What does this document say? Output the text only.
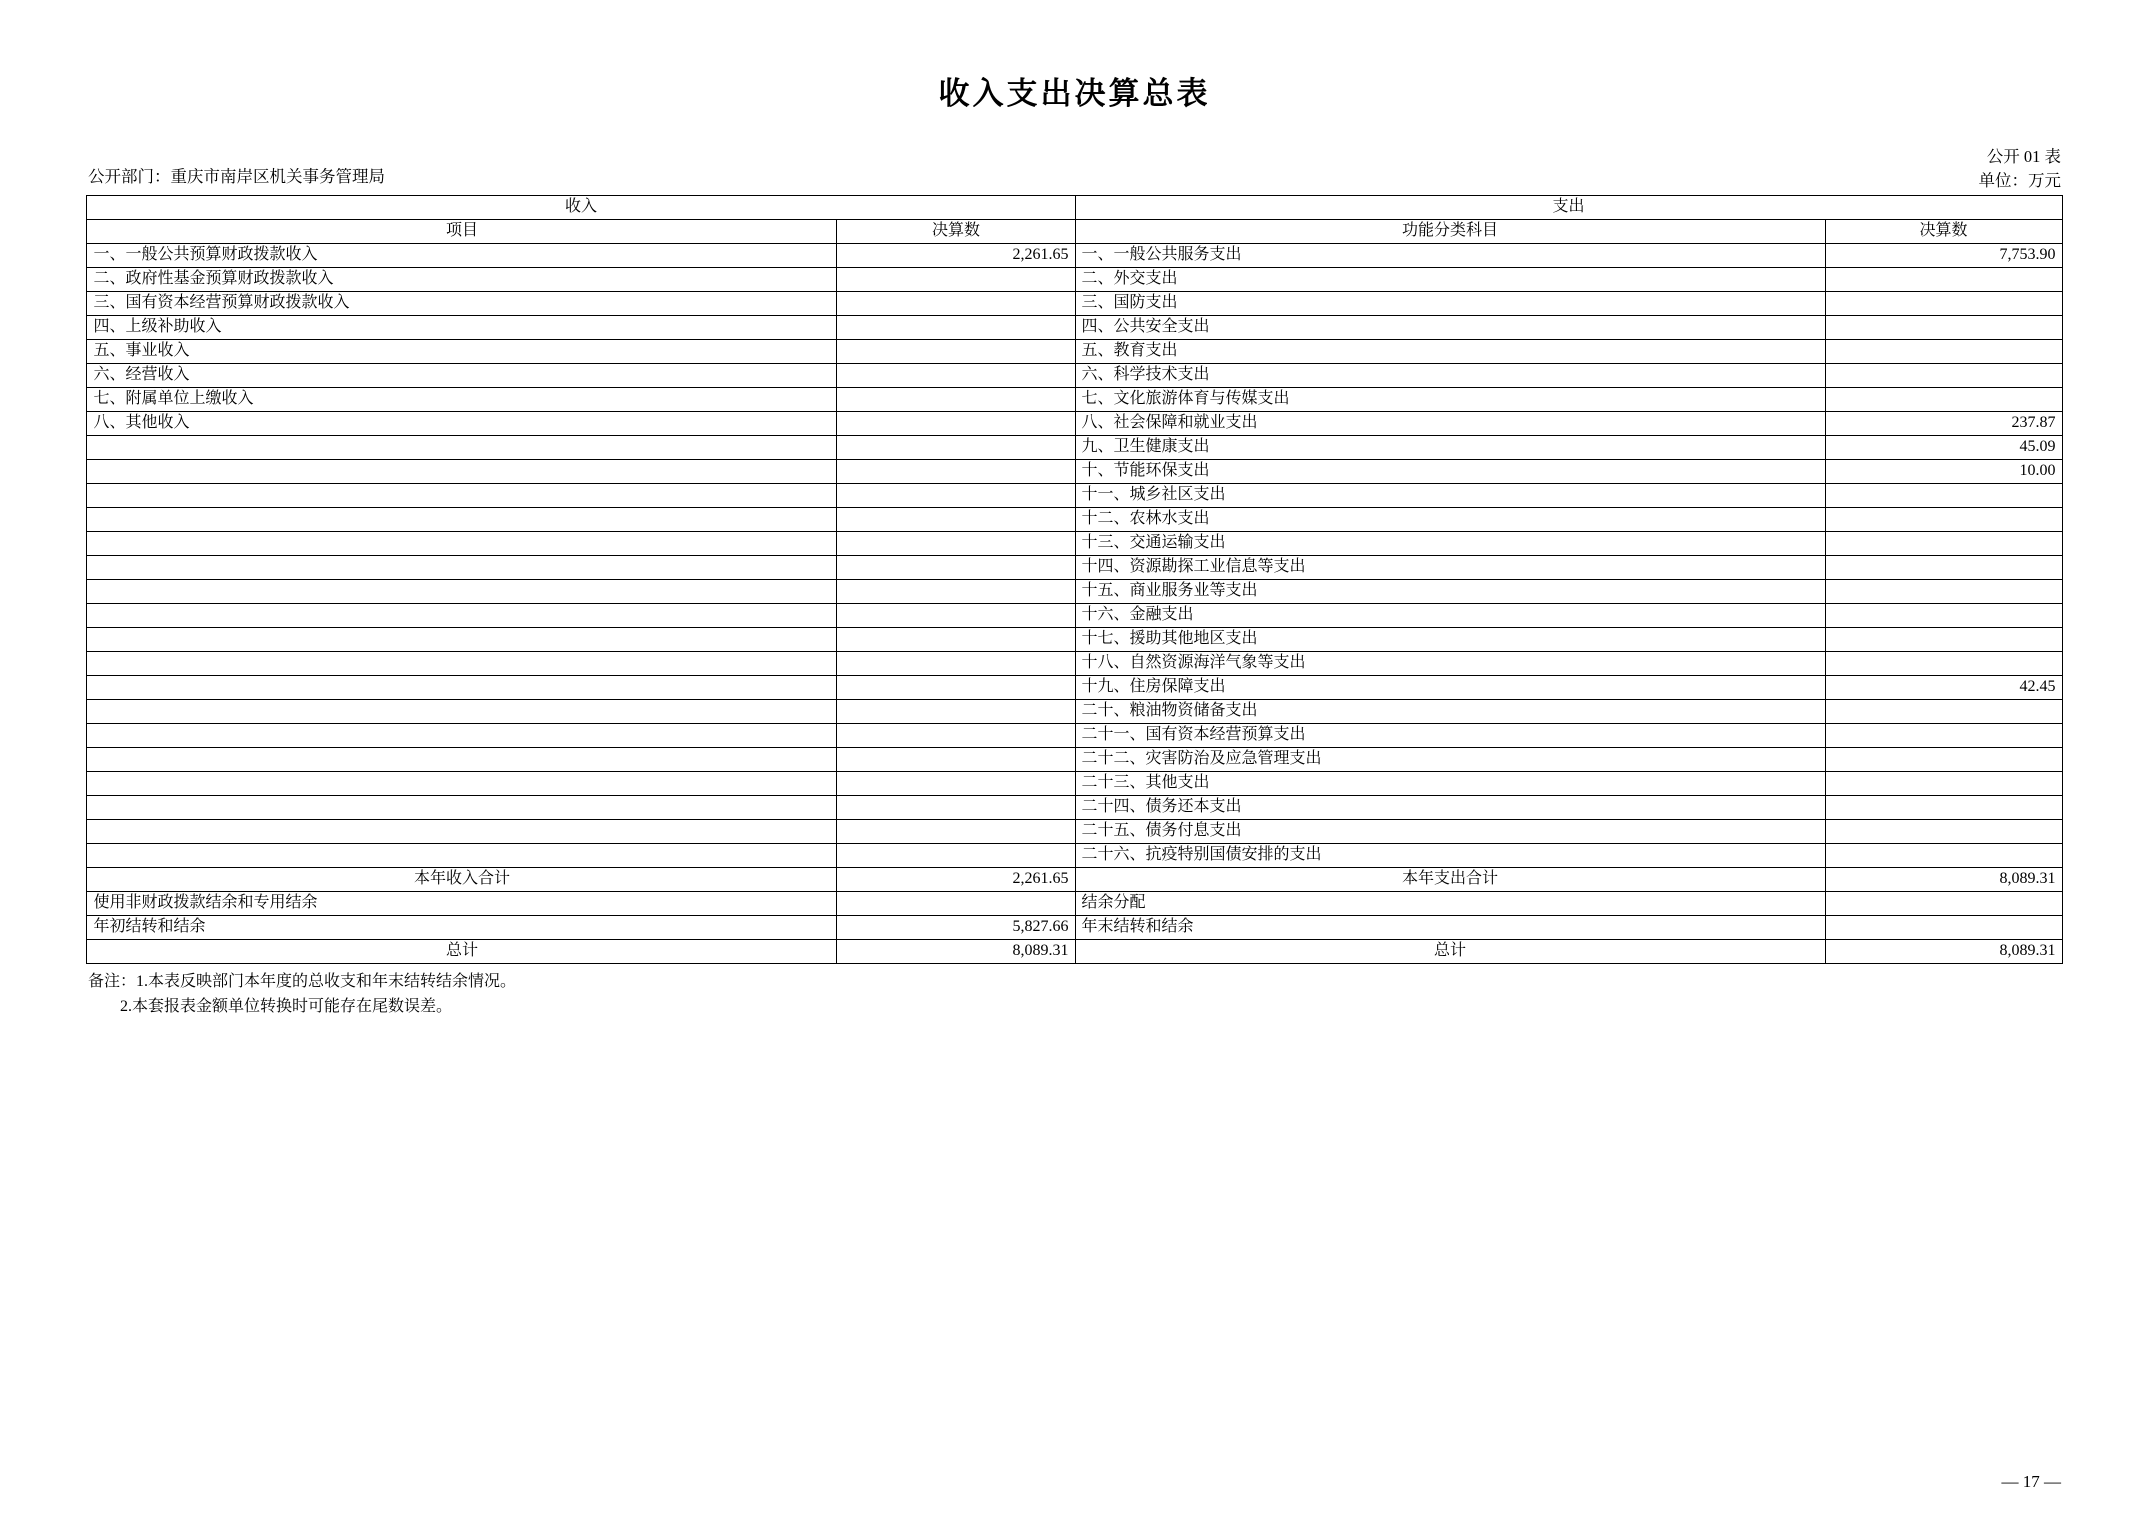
收入支出决算总表
公开部门：重庆市南岸区机关事务管理局
公开 01 表
单位：万元
收入		支出	
项目	决算数	功能分类科目	决算数
一、一般公共预算财政拨款收入	2,261.65	一、一般公共服务支出	7,753.90
二、政府性基金预算财政拨款收入		二、外交支出	
三、国有资本经营预算财政拨款收入		三、国防支出	
四、上级补助收入		四、公共安全支出	
五、事业收入		五、教育支出	
六、经营收入		六、科学技术支出	
七、附属单位上缴收入		七、文化旅游体育与传媒支出	
八、其他收入		八、社会保障和就业支出	237.87
		九、卫生健康支出	45.09
		十、节能环保支出	10.00
		十一、城乡社区支出	
		十二、农林水支出	
		十三、交通运输支出	
		十四、资源勘探工业信息等支出	
		十五、商业服务业等支出	
		十六、金融支出	
		十七、援助其他地区支出	
		十八、自然资源海洋气象等支出	
		十九、住房保障支出	42.45
		二十、粮油物资储备支出	
		二十一、国有资本经营预算支出	
		二十二、灾害防治及应急管理支出	
		二十三、其他支出	
		二十四、债务还本支出	
		二十五、债务付息支出	
		二十六、抗疫特别国债安排的支出	
本年收入合计	2,261.65	本年支出合计	8,089.31
使用非财政拨款结余和专用结余		结余分配	
年初结转和结余	5,827.66	年末结转和结余	
总计	8,089.31	总计	8,089.31
备注：1.本表反映部门本年度的总收支和年末结转结余情况。
2.本套报表金额单位转换时可能存在尾数误差。
— 17 —
